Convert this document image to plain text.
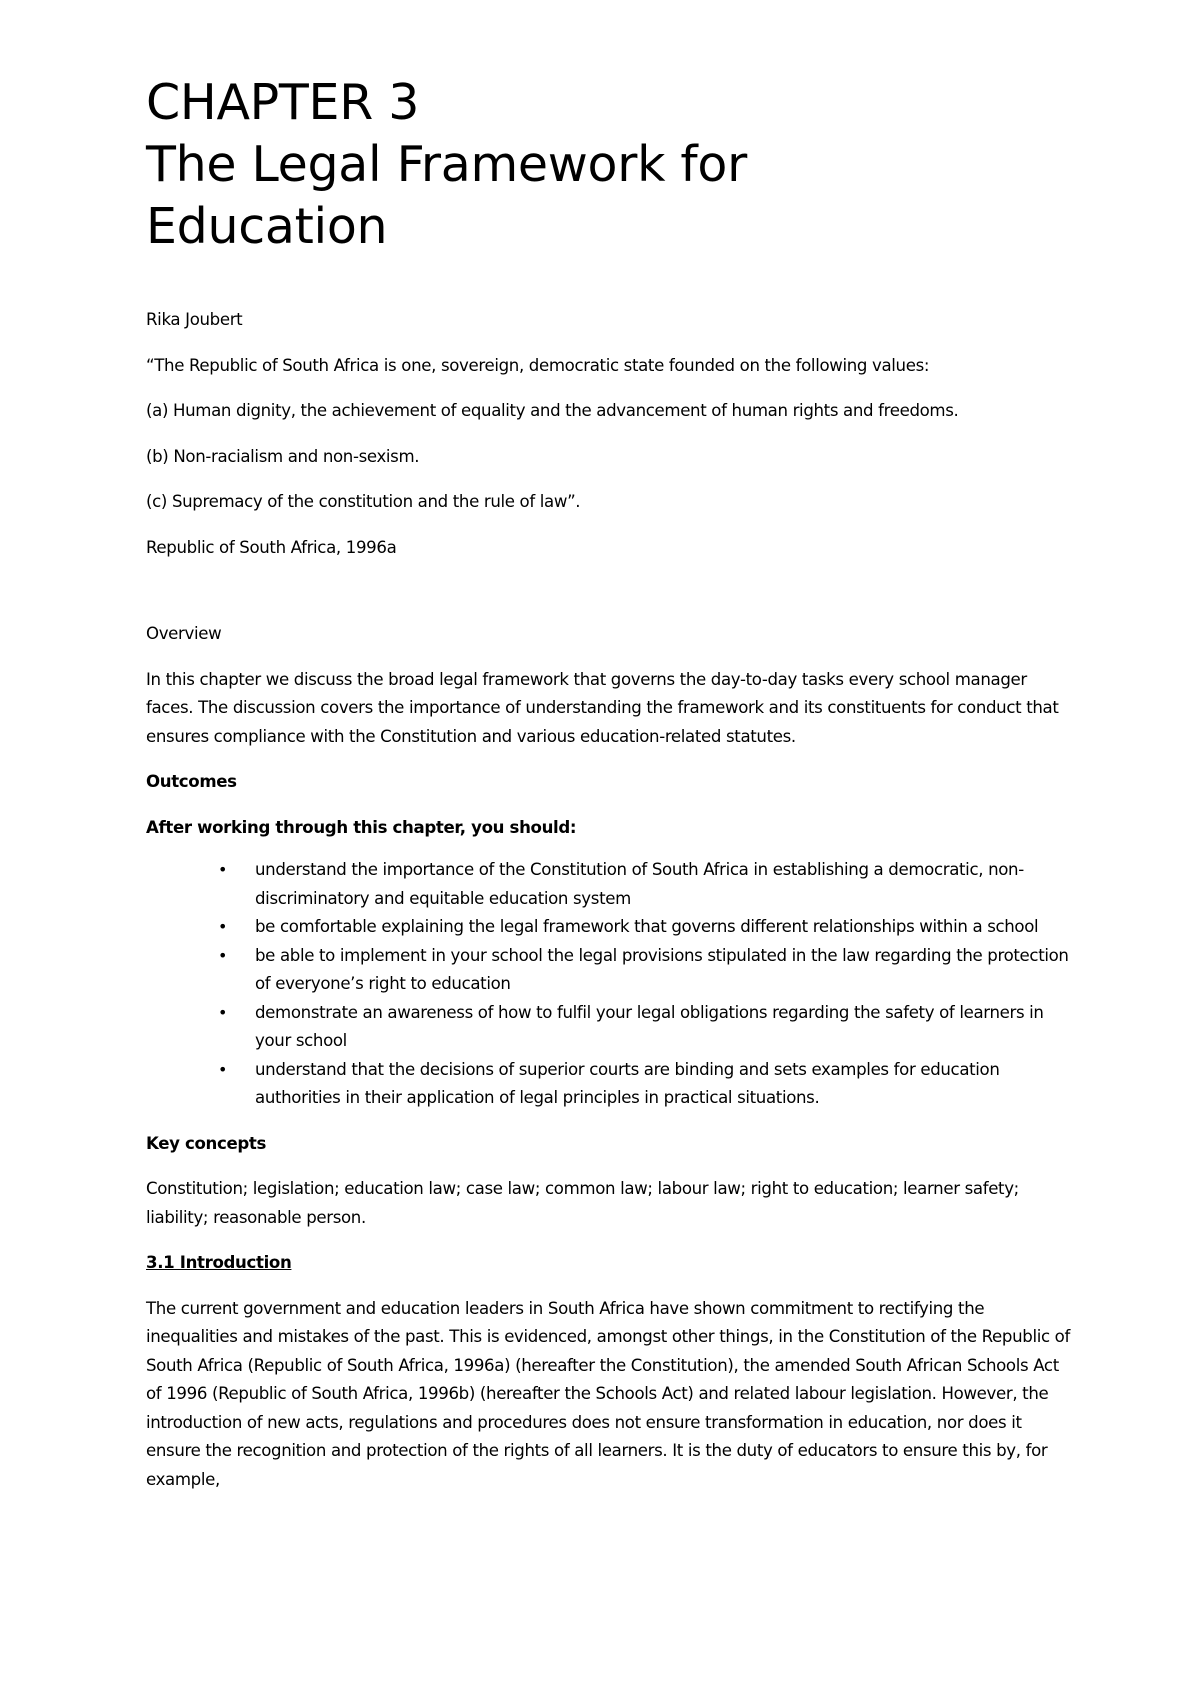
CHAPTER 3
The Legal Framework for
Education

Rika Joubert

“The Republic of South Africa is one, sovereign, democratic state founded on the following values:

(a) Human dignity, the achievement of equality and the advancement of human rights and freedoms.

(b) Non-racialism and non-sexism.

(c) Supremacy of the constitution and the rule of law”.

Republic of South Africa, 1996a

Overview

In this chapter we discuss the broad legal framework that governs the day-to-day tasks every school manager faces. The discussion covers the importance of understanding the framework and its constituents for conduct that ensures compliance with the Constitution and various education-related statutes.

Outcomes

After working through this chapter, you should:

• understand the importance of the Constitution of South Africa in establishing a democratic, non-discriminatory and equitable education system
• be comfortable explaining the legal framework that governs different relationships within a school
• be able to implement in your school the legal provisions stipulated in the law regarding the protection of everyone’s right to education
• demonstrate an awareness of how to fulfil your legal obligations regarding the safety of learners in your school
• understand that the decisions of superior courts are binding and sets examples for education authorities in their application of legal principles in practical situations.

Key concepts

Constitution; legislation; education law; case law; common law; labour law; right to education; learner safety; liability; reasonable person.

3.1 Introduction

The current government and education leaders in South Africa have shown commitment to rectifying the inequalities and mistakes of the past. This is evidenced, amongst other things, in the Constitution of the Republic of South Africa (Republic of South Africa, 1996a) (hereafter the Constitution), the amended South African Schools Act of 1996 (Republic of South Africa, 1996b) (hereafter the Schools Act) and related labour legislation. However, the introduction of new acts, regulations and procedures does not ensure transformation in education, nor does it ensure the recognition and protection of the rights of all learners. It is the duty of educators to ensure this by, for example,
